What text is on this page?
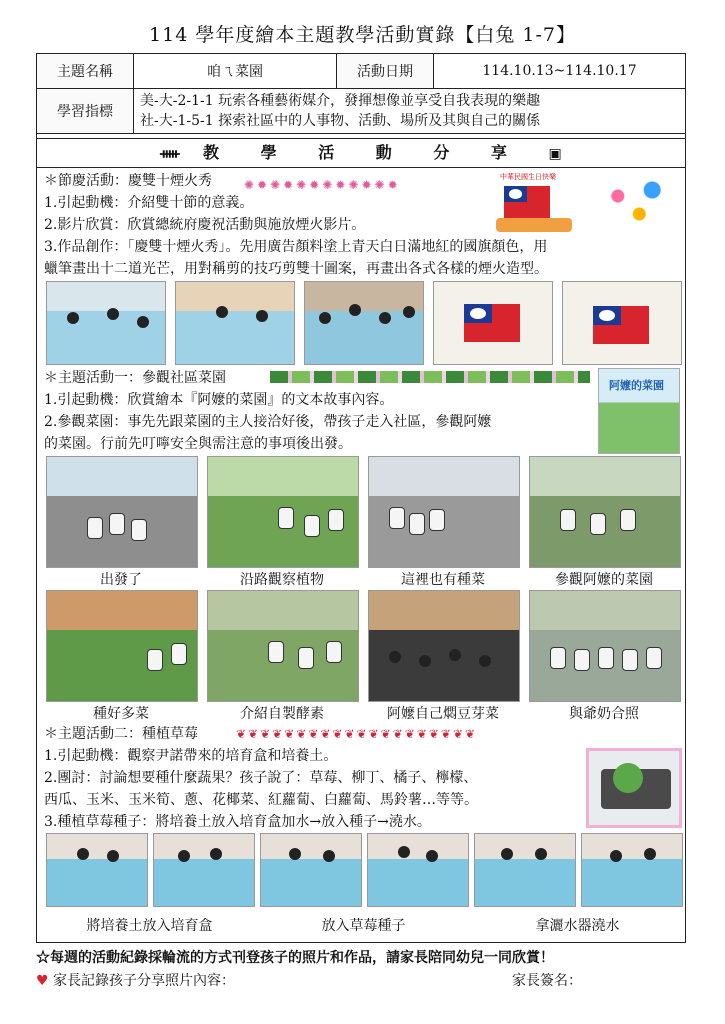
114 學年度繪本主題教學活動實錄【白兔 1-7】
主題名稱	咱ㄟ菜園	活動日期	114.10.13~114.10.17
學習指標	美-大-2-1-1 玩索各種藝術媒介，發揮想像並享受自我表現的樂趣
社-大-1-5-1 探索社區中的人事物、活動、場所及其與自己的關係		
ᚔ 教 學 活 動 分 享 ▣
＊節慶活動：慶雙十煙火秀
1.引起動機：介紹雙十節的意義。
2.影片欣賞：欣賞總統府慶祝活動與施放煙火影片。
3.作品創作：「慶雙十煙火秀」。先用廣告顏料塗上青天白日滿地紅的國旗顏色，用
蠟筆畫出十二道光芒，用對稱剪的技巧剪雙十圖案，再畫出各式各樣的煙火造型。
✺✹✺✹✺✹✺✹✺✹✺✹
中華民國生日快樂
＊主題活動一：參觀社區菜園
1.引起動機：欣賞繪本『阿嬤的菜園』的文本故事內容。
2.參觀菜園：事先先跟菜園的主人接洽好後，帶孩子走入社區，參觀阿嬤
的菜園。行前先叮嚀安全與需注意的事項後出發。
阿嬤的菜園
出發了	沿路觀察植物	這裡也有種菜	參觀阿嬤的菜園
種好多菜	介紹自製酵素	阿嬤自己燜豆芽菜	與爺奶合照
＊主題活動二：種植草莓
1.引起動機：觀察尹諾帶來的培育盒和培養土。
2.團討：討論想要種什麼蔬果？孩子說了：草莓、柳丁、橘子、檸檬、
西瓜、玉米、玉米筍、蔥、花椰菜、紅蘿蔔、白蘿蔔、馬鈴薯…等等。
3.種植草莓種子：將培養土放入培育盒加水→放入種子→澆水。
❦❦❦❦❦❦❦❦❦❦❦❦❦❦❦❦❦❦❦❦
將培養土放入培育盒	放入草莓種子	拿灑水器澆水
☆每週的活動紀錄採輪流的方式刊登孩子的照片和作品，請家長陪同幼兒一同欣賞！
♥ 家長記錄孩子分享照片內容：	家長簽名：
